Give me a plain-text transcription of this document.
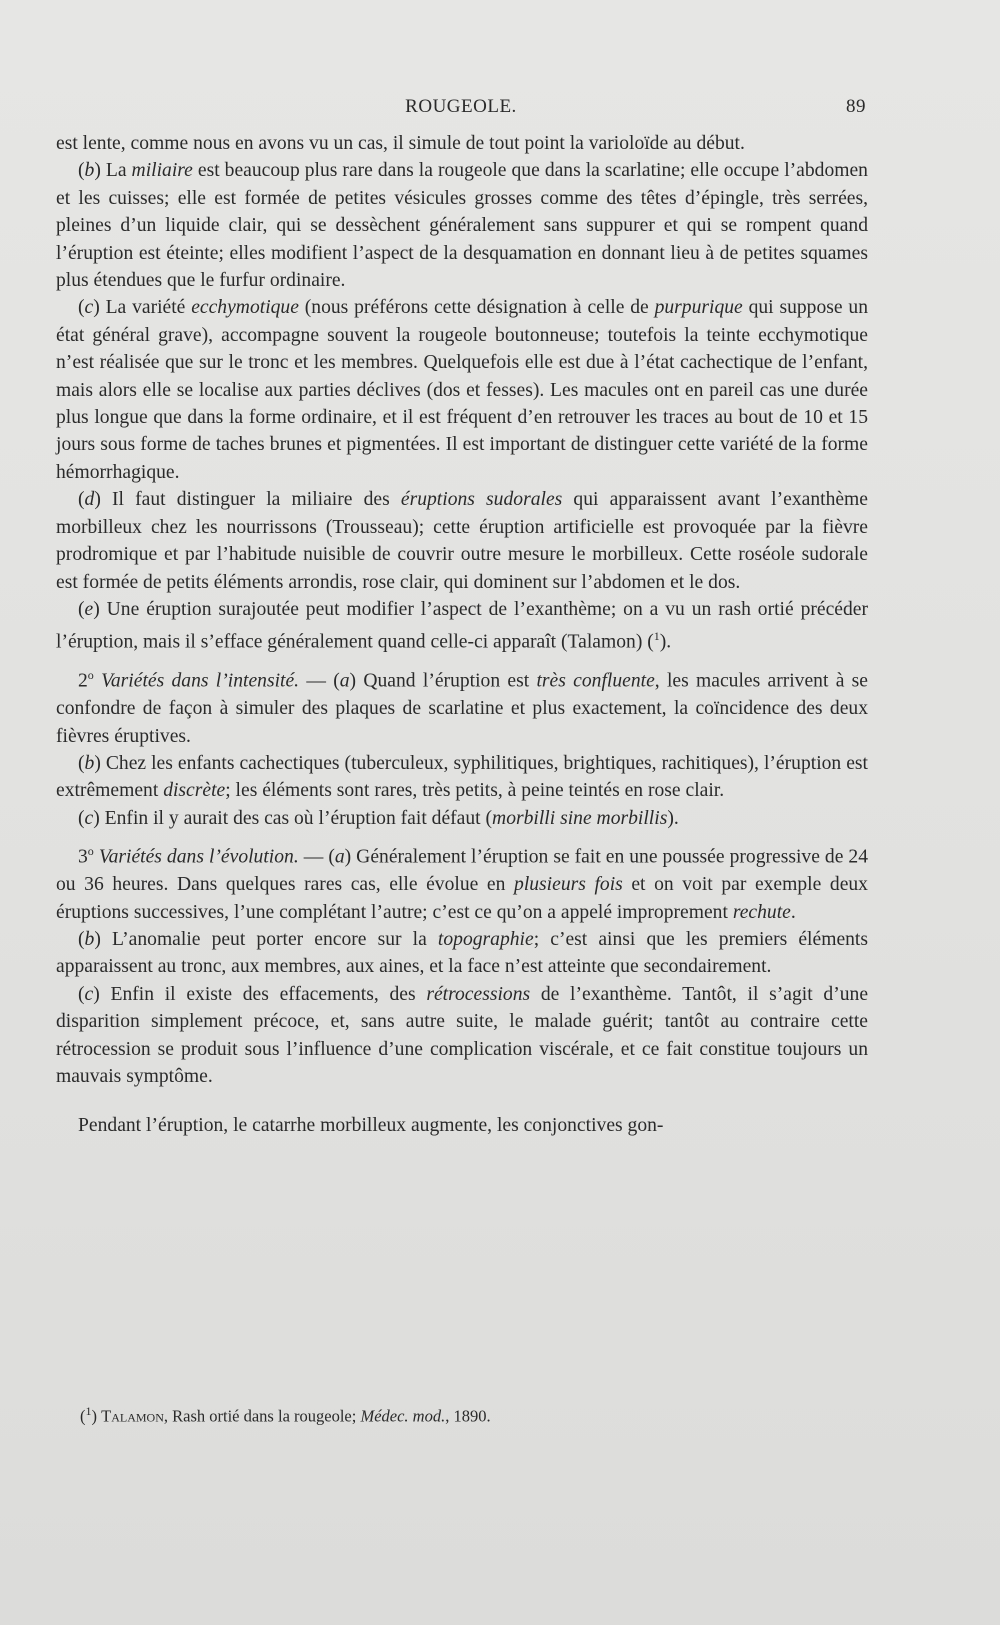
ROUGEOLE.	89

est lente, comme nous en avons vu un cas, il simule de tout point la varioloïde au début.

(b) La miliaire est beaucoup plus rare dans la rougeole que dans la scarlatine; elle occupe l’abdomen et les cuisses; elle est formée de petites vésicules grosses comme des têtes d’épingle, très serrées, pleines d’un liquide clair, qui se dessèchent généralement sans suppurer et qui se rompent quand l’éruption est éteinte; elles modifient l’aspect de la desquamation en donnant lieu à de petites squames plus étendues que le furfur ordinaire.

(c) La variété ecchymotique (nous préférons cette désignation à celle de purpurique qui suppose un état général grave), accompagne souvent la rougeole boutonneuse; toutefois la teinte ecchymotique n’est réalisée que sur le tronc et les membres. Quelquefois elle est due à l’état cachectique de l’enfant, mais alors elle se localise aux parties déclives (dos et fesses). Les macules ont en pareil cas une durée plus longue que dans la forme ordinaire, et il est fréquent d’en retrouver les traces au bout de 10 et 15 jours sous forme de taches brunes et pigmentées. Il est important de distinguer cette variété de la forme hémorrhagique.

(d) Il faut distinguer la miliaire des éruptions sudorales qui apparaissent avant l’exanthème morbilleux chez les nourrissons (Trousseau); cette éruption artificielle est provoquée par la fièvre prodromique et par l’habitude nuisible de couvrir outre mesure le morbilleux. Cette roséole sudorale est formée de petits éléments arrondis, rose clair, qui dominent sur l’abdomen et le dos.

(e) Une éruption surajoutée peut modifier l’aspect de l’exanthème; on a vu un rash ortié précéder l’éruption, mais il s’efface généralement quand celle-ci apparaît (Talamon) ($^1$).

2$^o$ Variétés dans l’intensité. — (a) Quand l’éruption est très confluente, les macules arrivent à se confondre de façon à simuler des plaques de scarlatine et plus exactement, la coïncidence des deux fièvres éruptives.

(b) Chez les enfants cachectiques (tuberculeux, syphilitiques, brightiques, rachitiques), l’éruption est extrêmement discrète; les éléments sont rares, très petits, à peine teintés en rose clair.

(c) Enfin il y aurait des cas où l’éruption fait défaut (morbilli sine morbillis).

3$^o$ Variétés dans l’évolution. — (a) Généralement l’éruption se fait en une poussée progressive de 24 ou 36 heures. Dans quelques rares cas, elle évolue en plusieurs fois et on voit par exemple deux éruptions successives, l’une complétant l’autre; c’est ce qu’on a appelé improprement rechute.

(b) L’anomalie peut porter encore sur la topographie; c’est ainsi que les premiers éléments apparaissent au tronc, aux membres, aux aines, et la face n’est atteinte que secondairement.

(c) Enfin il existe des effacements, des rétrocessions de l’exanthème. Tantôt, il s’agit d’une disparition simplement précoce, et, sans autre suite, le malade guérit; tantôt au contraire cette rétrocession se produit sous l’influence d’une complication viscérale, et ce fait constitue toujours un mauvais symptôme.

Pendant l’éruption, le catarrhe morbilleux augmente, les conjonctives gon-

($^1$) Talamon, Rash ortié dans la rougeole; Médec. mod., 1890.
